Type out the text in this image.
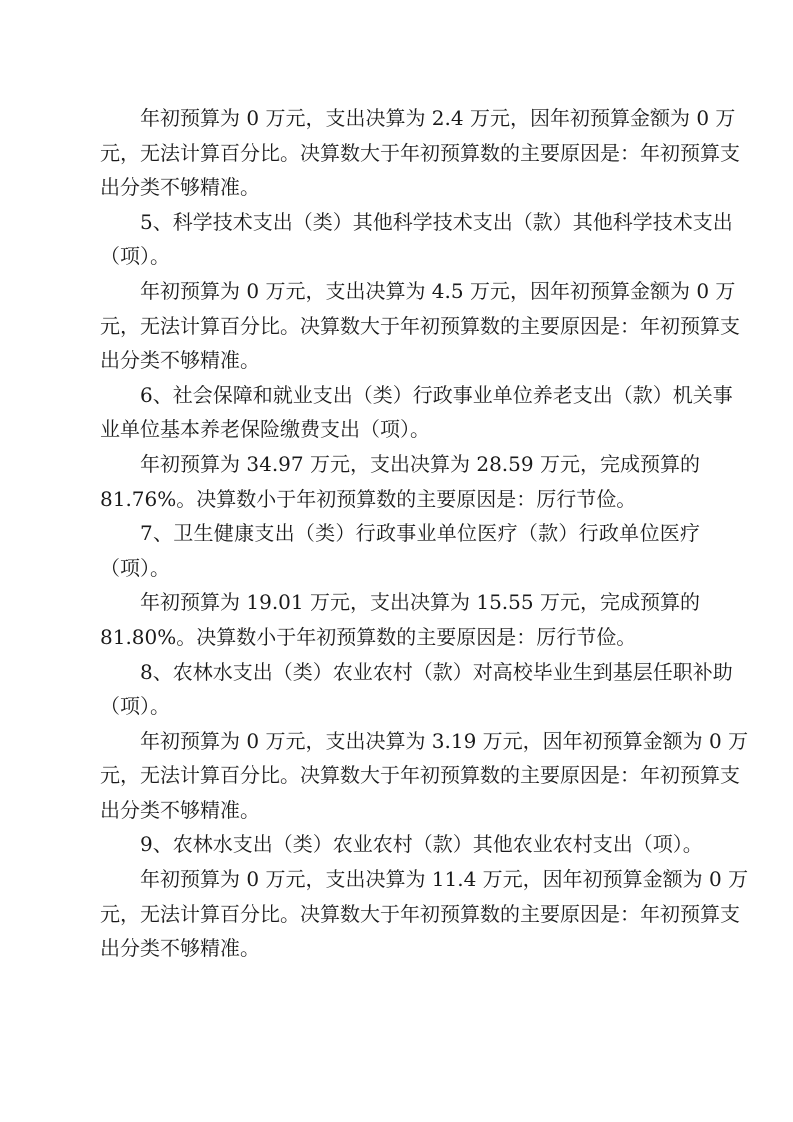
年初预算为 0 万元，支出决算为 2.4 万元，因年初预算金额为 0 万
元，无法计算百分比。决算数大于年初预算数的主要原因是：年初预算支
出分类不够精准。
5、科学技术支出（类）其他科学技术支出（款）其他科学技术支出
（项）。
年初预算为 0 万元，支出决算为 4.5 万元，因年初预算金额为 0 万
元，无法计算百分比。决算数大于年初预算数的主要原因是：年初预算支
出分类不够精准。
6、社会保障和就业支出（类）行政事业单位养老支出（款）机关事
业单位基本养老保险缴费支出（项）。
年初预算为 34.97 万元，支出决算为 28.59 万元，完成预算的
81.76%。决算数小于年初预算数的主要原因是：厉行节俭。
7、卫生健康支出（类）行政事业单位医疗（款）行政单位医疗
（项）。
年初预算为 19.01 万元，支出决算为 15.55 万元，完成预算的
81.80%。决算数小于年初预算数的主要原因是：厉行节俭。
8、农林水支出（类）农业农村（款）对高校毕业生到基层任职补助
（项）。
年初预算为 0 万元，支出决算为 3.19 万元，因年初预算金额为 0 万
元，无法计算百分比。决算数大于年初预算数的主要原因是：年初预算支
出分类不够精准。
9、农林水支出（类）农业农村（款）其他农业农村支出（项）。
年初预算为 0 万元，支出决算为 11.4 万元，因年初预算金额为 0 万
元，无法计算百分比。决算数大于年初预算数的主要原因是：年初预算支
出分类不够精准。
